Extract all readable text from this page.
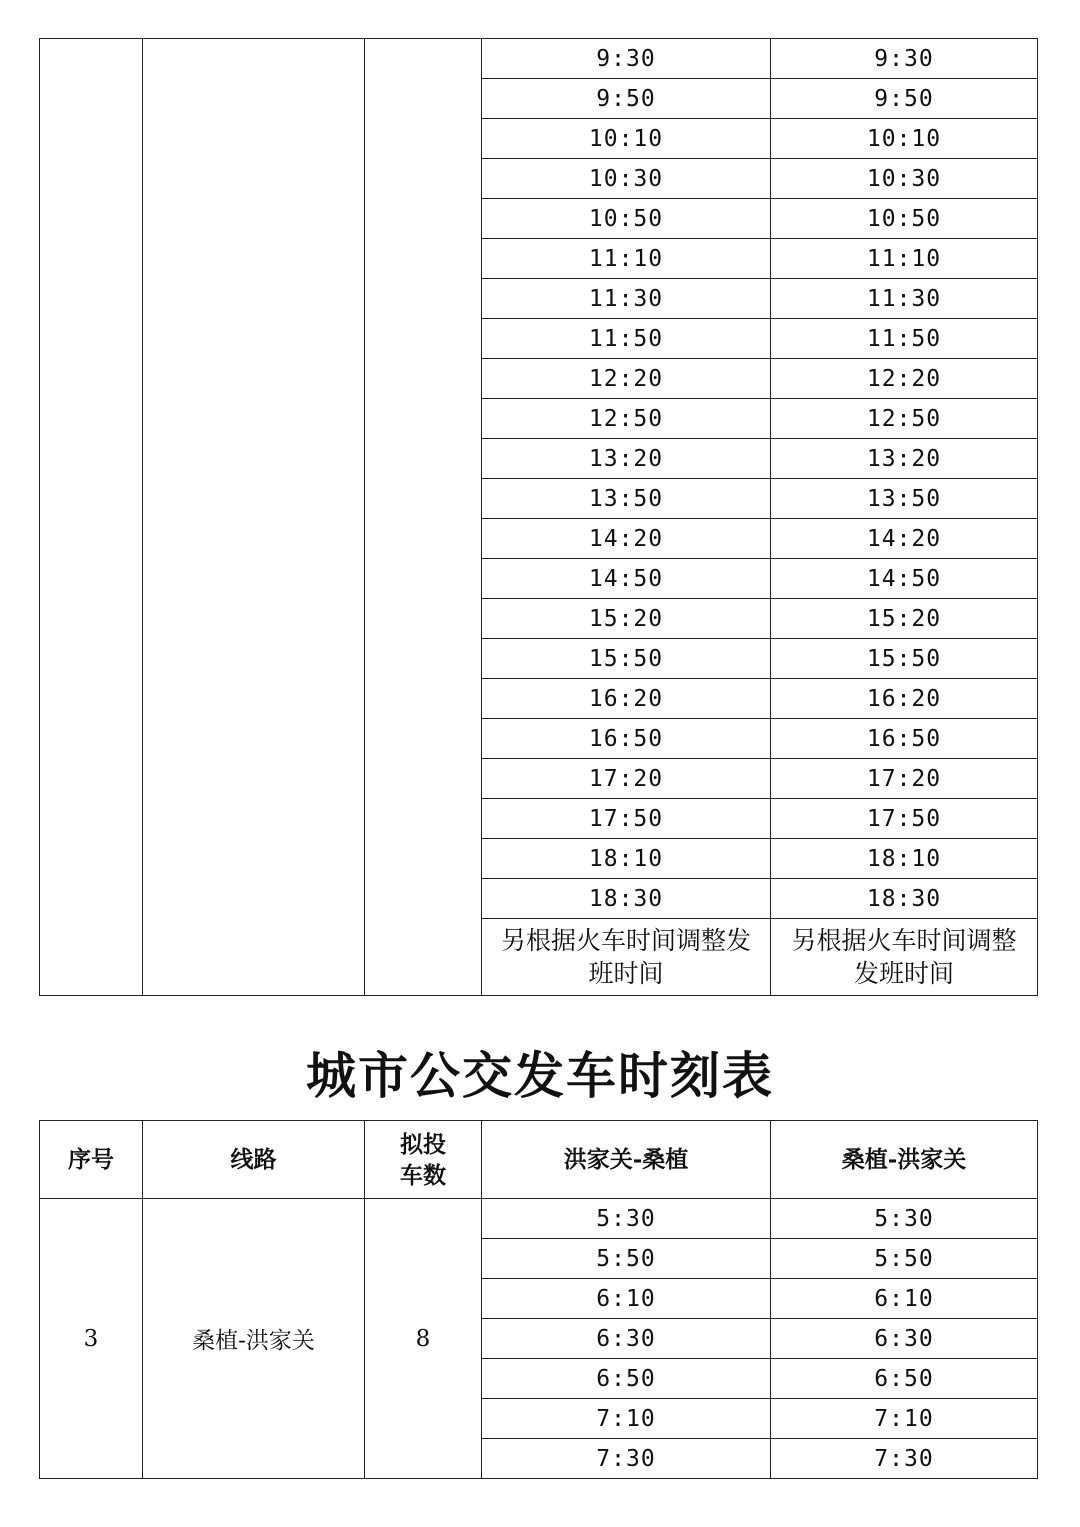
			9:30	9:30
			9:50	9:50
			10:10	10:10
			10:30	10:30
			10:50	10:50
			11:10	11:10
			11:30	11:30
			11:50	11:50
			12:20	12:20
			12:50	12:50
			13:20	13:20
			13:50	13:50
			14:20	14:20
			14:50	14:50
			15:20	15:20
			15:50	15:50
			16:20	16:20
			16:50	16:50
			17:20	17:20
			17:50	17:50
			18:10	18:10
			18:30	18:30
			另根据火车时间调整发班时间	另根据火车时间调整发班时间
城市公交发车时刻表
序号	线路	拟投车数	洪家关-桑植	桑植-洪家关
3	桑植-洪家关	8	5:30	5:30
			5:50	5:50
			6:10	6:10
			6:30	6:30
			6:50	6:50
			7:10	7:10
			7:30	7:30
